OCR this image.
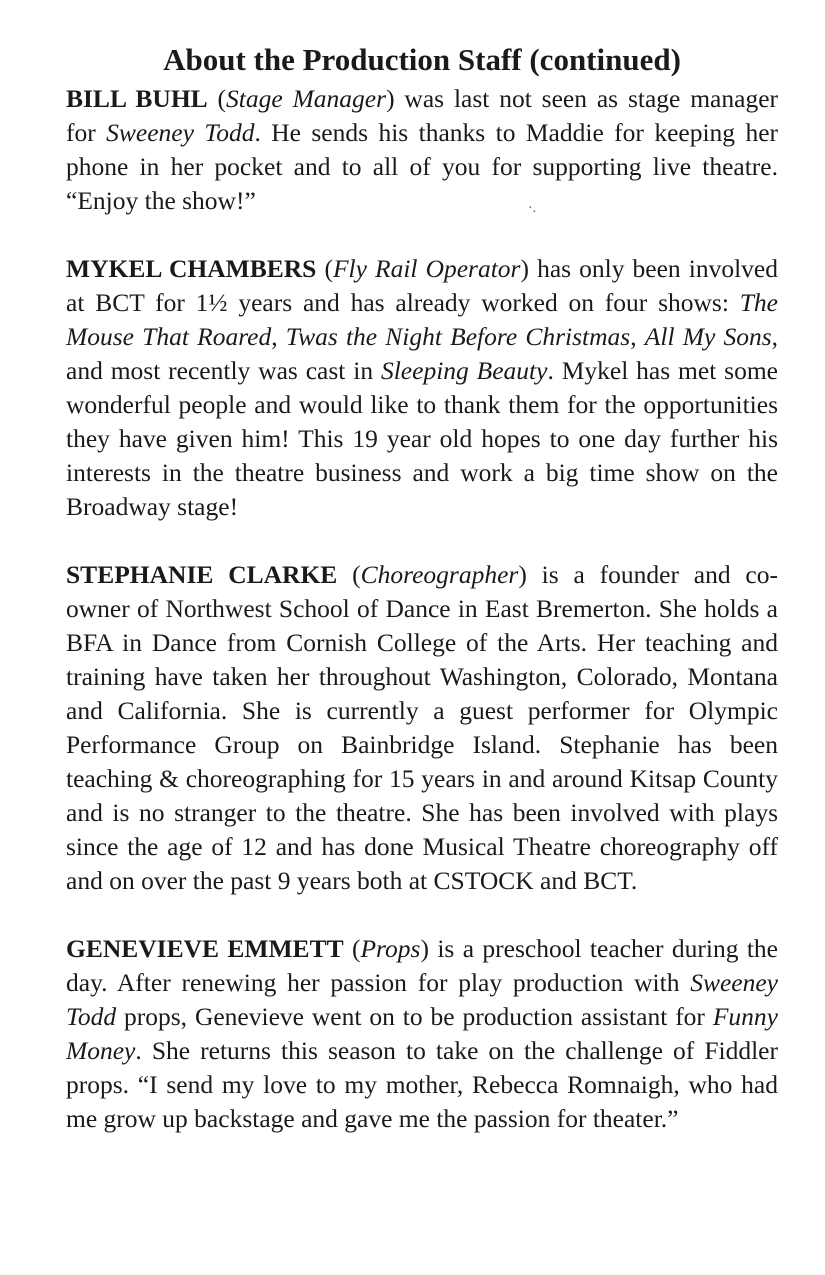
About the Production Staff (continued)

BILL BUHL (Stage Manager) was last not seen as stage manager for Sweeney Todd. He sends his thanks to Maddie for keeping her phone in her pocket and to all of you for supporting live theatre. “Enjoy the show!”

MYKEL CHAMBERS (Fly Rail Operator) has only been involved at BCT for 1½ years and has already worked on four shows: The Mouse That Roared, Twas the Night Before Christmas, All My Sons, and most recently was cast in Sleeping Beauty. Mykel has met some wonderful people and would like to thank them for the opportunities they have given him! This 19 year old hopes to one day further his interests in the theatre business and work a big time show on the Broadway stage!

STEPHANIE CLARKE (Choreographer) is a founder and co-owner of Northwest School of Dance in East Bremerton. She holds a BFA in Dance from Cornish College of the Arts. Her teaching and training have taken her throughout Washington, Colorado, Montana and California. She is currently a guest performer for Olympic Performance Group on Bainbridge Island. Stephanie has been teaching & choreographing for 15 years in and around Kitsap County and is no stranger to the theatre. She has been involved with plays since the age of 12 and has done Musical Theatre choreography off and on over the past 9 years both at CSTOCK and BCT.

GENEVIEVE EMMETT (Props) is a preschool teacher during the day. After renewing her passion for play production with Sweeney Todd props, Genevieve went on to be production assistant for Funny Money. She returns this season to take on the challenge of Fiddler props. “I send my love to my mother, Rebecca Romnaigh, who had me grow up backstage and gave me the passion for theater.”

·.
